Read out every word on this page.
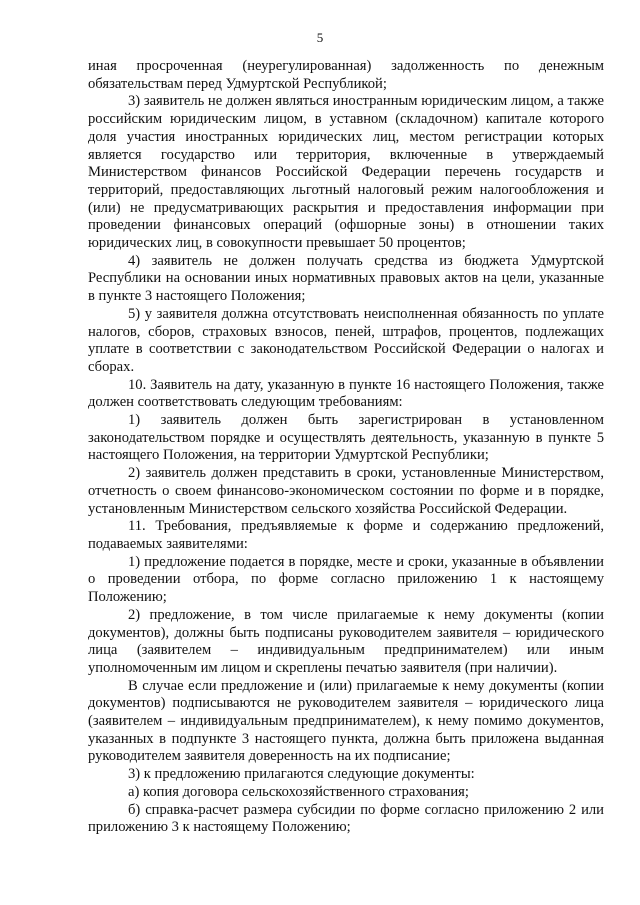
5

иная просроченная (неурегулированная) задолженность по денежным обязательствам перед Удмуртской Республикой;

3) заявитель не должен являться иностранным юридическим лицом, а также российским юридическим лицом, в уставном (складочном) капитале которого доля участия иностранных юридических лиц, местом регистрации которых является государство или территория, включенные в утверждаемый Министерством финансов Российской Федерации перечень государств и территорий, предоставляющих льготный налоговый режим налогообложения и (или) не предусматривающих раскрытия и предоставления информации при проведении финансовых операций (офшорные зоны) в отношении таких юридических лиц, в совокупности превышает 50 процентов;

4) заявитель не должен получать средства из бюджета Удмуртской Республики на основании иных нормативных правовых актов на цели, указанные в пункте 3 настоящего Положения;

5) у заявителя должна отсутствовать неисполненная обязанность по уплате налогов, сборов, страховых взносов, пеней, штрафов, процентов, подлежащих уплате в соответствии с законодательством Российской Федерации о налогах и сборах.

10. Заявитель на дату, указанную в пункте 16 настоящего Положения, также должен соответствовать следующим требованиям:

1) заявитель должен быть зарегистрирован в установленном законодательством порядке и осуществлять деятельность, указанную в пункте 5 настоящего Положения, на территории Удмуртской Республики;

2) заявитель должен представить в сроки, установленные Министерством, отчетность о своем финансово-экономическом состоянии по форме и в порядке, установленным Министерством сельского хозяйства Российской Федерации.

11. Требования, предъявляемые к форме и содержанию предложений, подаваемых заявителями:

1) предложение подается в порядке, месте и сроки, указанные в объявлении о проведении отбора, по форме согласно приложению 1 к настоящему Положению;

2) предложение, в том числе прилагаемые к нему документы (копии документов), должны быть подписаны руководителем заявителя – юридического лица (заявителем – индивидуальным предпринимателем) или иным уполномоченным им лицом и скреплены печатью заявителя (при наличии).

В случае если предложение и (или) прилагаемые к нему документы (копии документов) подписываются не руководителем заявителя – юридического лица (заявителем – индивидуальным предпринимателем), к нему помимо документов, указанных в подпункте 3 настоящего пункта, должна быть приложена выданная руководителем заявителя доверенность на их подписание;

3) к предложению прилагаются следующие документы:

а) копия договора сельскохозяйственного страхования;

б) справка-расчет размера субсидии по форме согласно приложению 2 или приложению 3 к настоящему Положению;
